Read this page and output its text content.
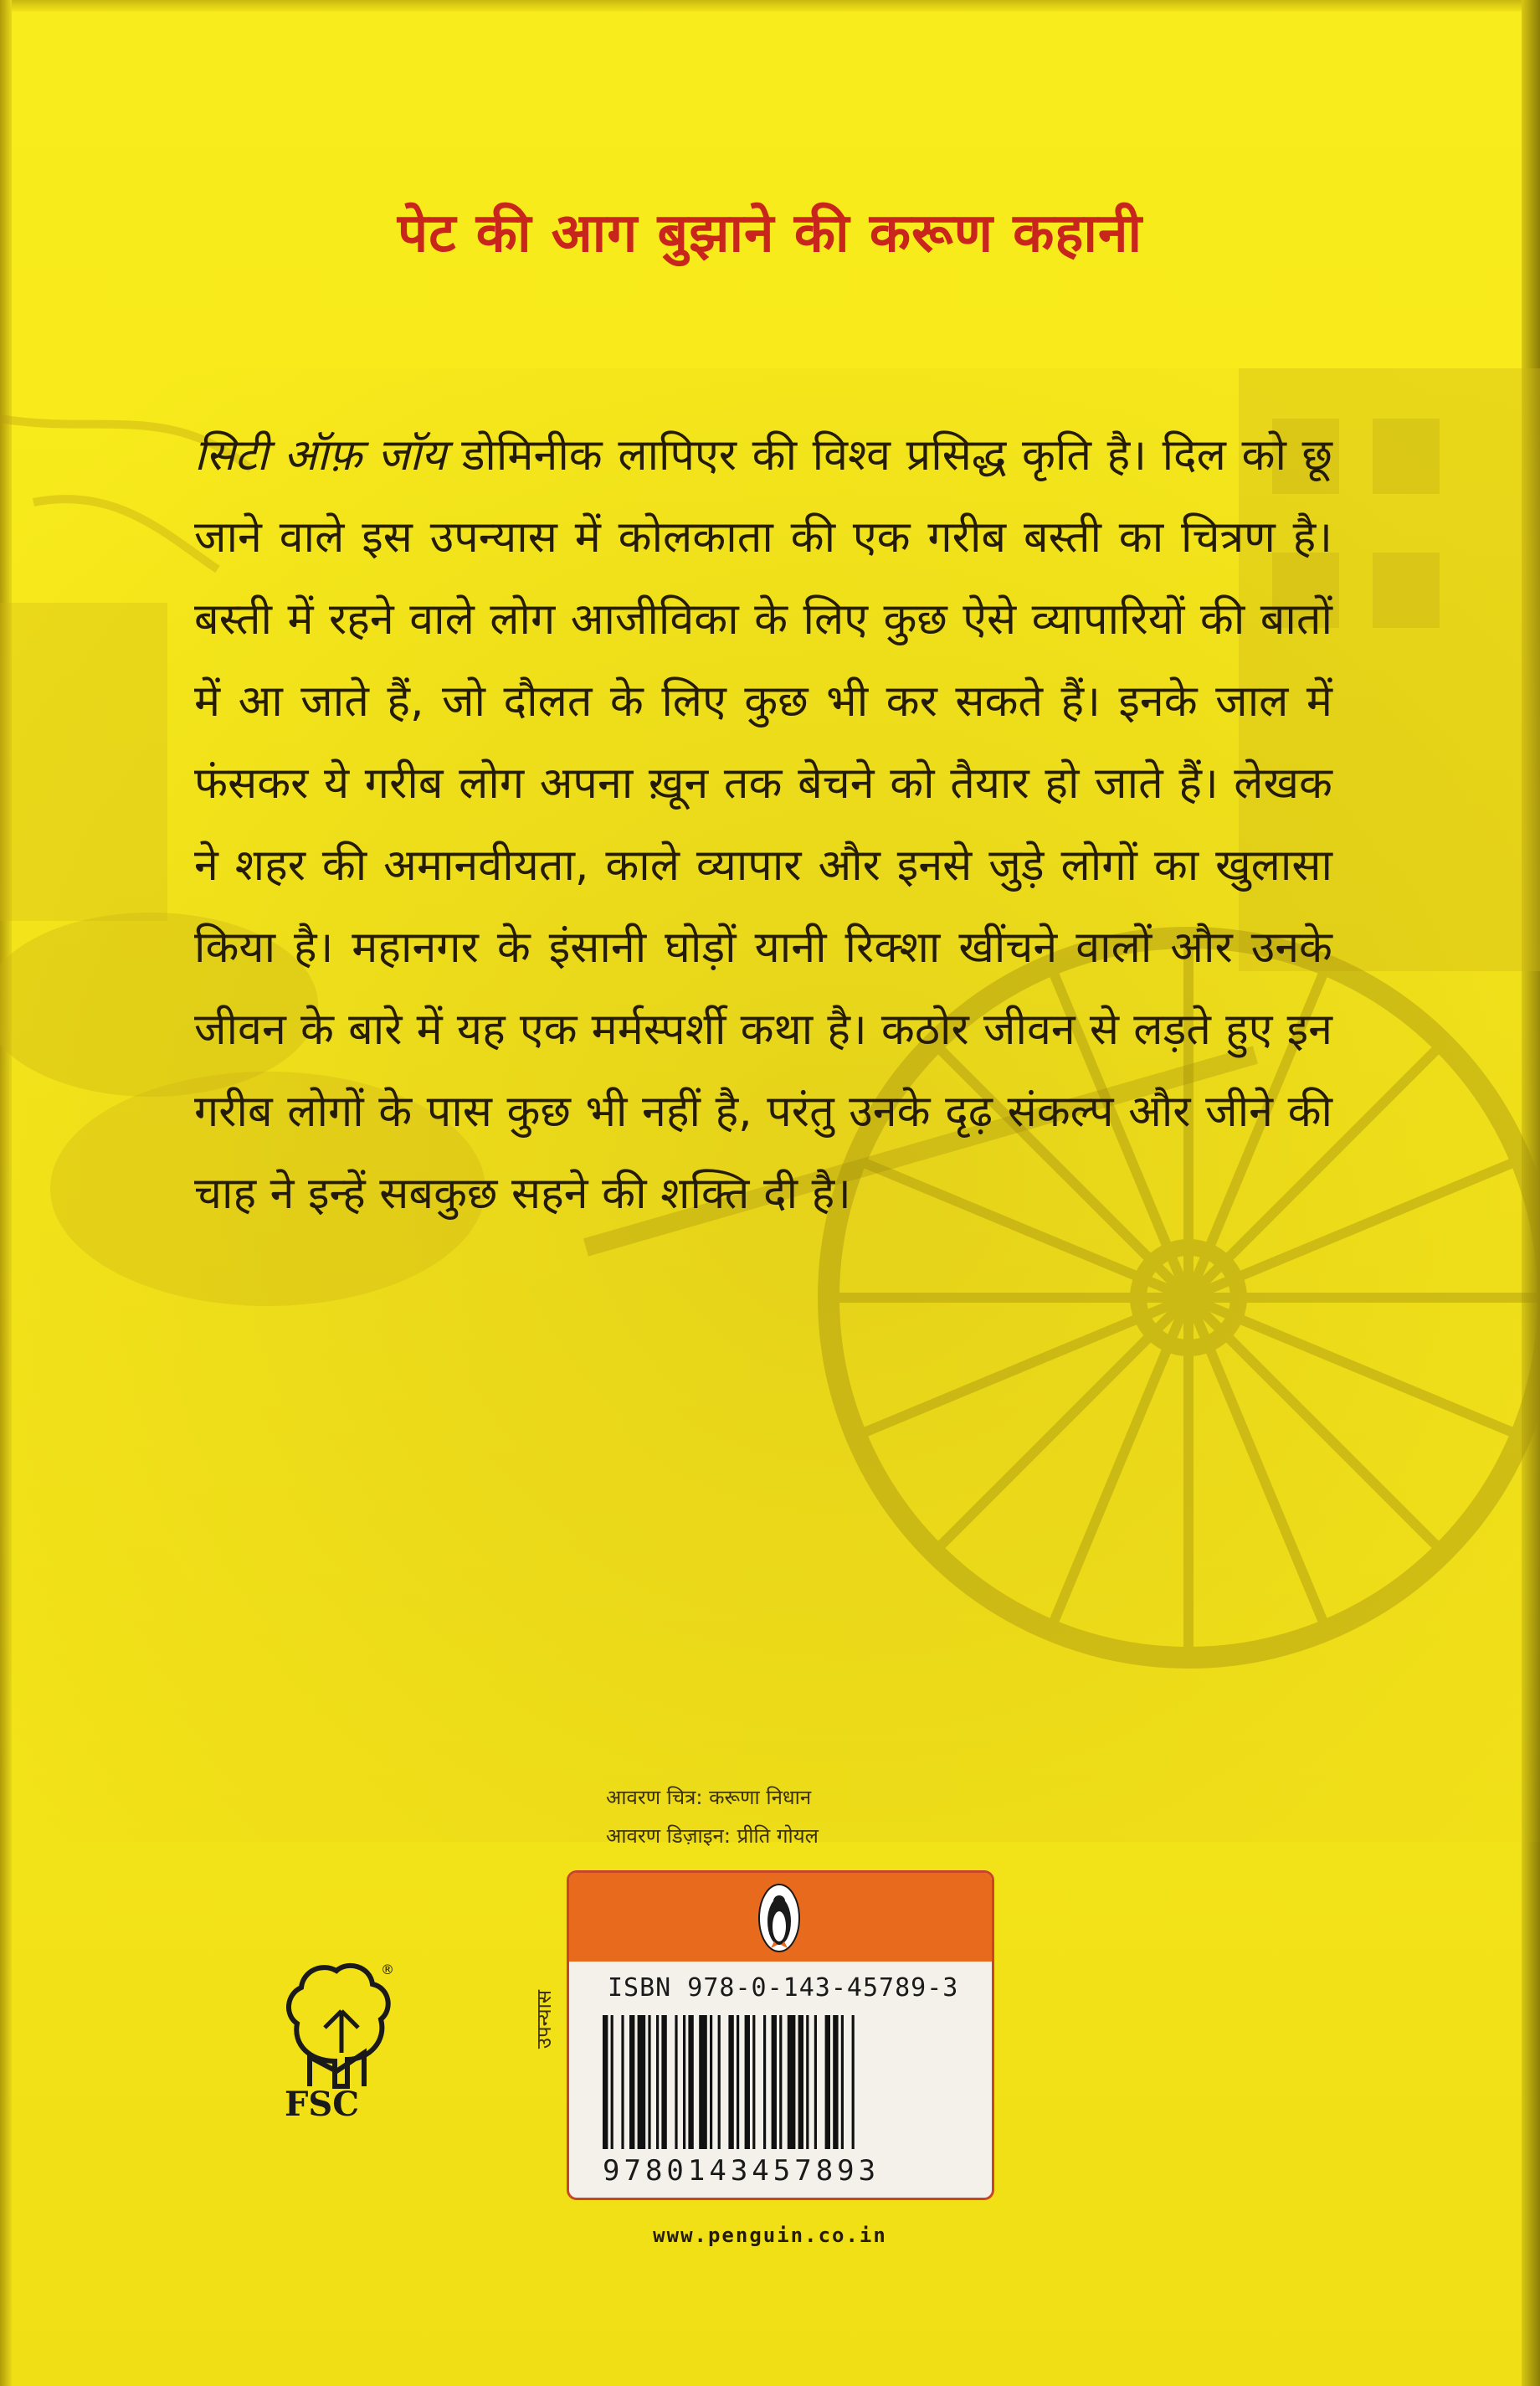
पेट की आग बुझाने की करूण कहानी
सिटी ऑफ़ जॉय डोमिनीक लापिएर की विश्व प्रसिद्ध कृति है। दिल को छू जाने वाले इस उपन्यास में कोलकाता की एक गरीब बस्ती का चित्रण है। बस्ती में रहने वाले लोग आजीविका के लिए कुछ ऐसे व्यापारियों की बातों में आ जाते हैं, जो दौलत के लिए कुछ भी कर सकते हैं। इनके जाल में फंसकर ये गरीब लोग अपना ख़ून तक बेचने को तैयार हो जाते हैं। लेखक ने शहर की अमानवीयता, काले व्यापार और इनसे जुड़े लोगों का खुलासा किया है। महानगर के इंसानी घोड़ों यानी रिक्शा खींचने वालों और उनके जीवन के बारे में यह एक मर्मस्पर्शी कथा है। कठोर जीवन से लड़ते हुए इन गरीब लोगों के पास कुछ भी नहीं है, परंतु उनके दृढ़ संकल्प और जीने की चाह ने इन्हें सबकुछ सहने की शक्ति दी है।
आवरण चित्र: करूणा निधान
आवरण डिज़ाइन: प्रीति गोयल
®
FSC
उपन्यास
ISBN 978-0-143-45789-3
9780143457893
www.penguin.co.in
